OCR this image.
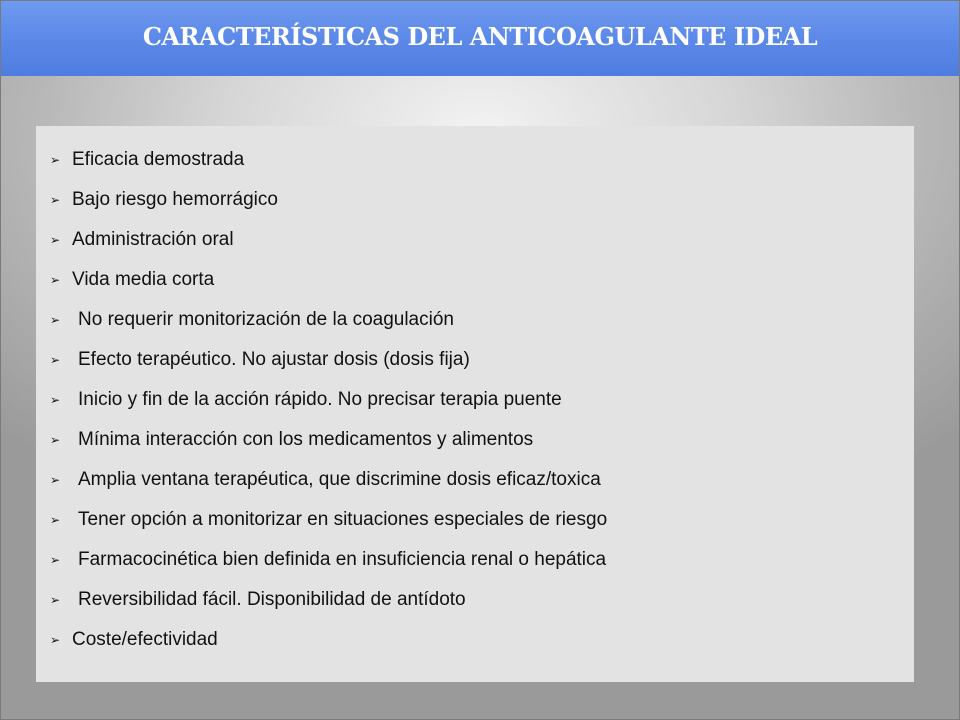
CARACTERÍSTICAS DEL ANTICOAGULANTE IDEAL
➢ Eficacia demostrada
➢ Bajo riesgo hemorrágico
➢ Administración oral
➢ Vida media corta
➢ No requerir monitorización de la coagulación
➢ Efecto terapéutico. No ajustar dosis (dosis fija)
➢ Inicio y fin de la acción rápido. No precisar terapia puente
➢ Mínima interacción con los medicamentos y alimentos
➢ Amplia ventana terapéutica, que discrimine dosis eficaz/toxica
➢ Tener opción a monitorizar en situaciones especiales de riesgo
➢ Farmacocinética bien definida en insuficiencia renal o hepática
➢ Reversibilidad fácil. Disponibilidad de antídoto
➢ Coste/efectividad
